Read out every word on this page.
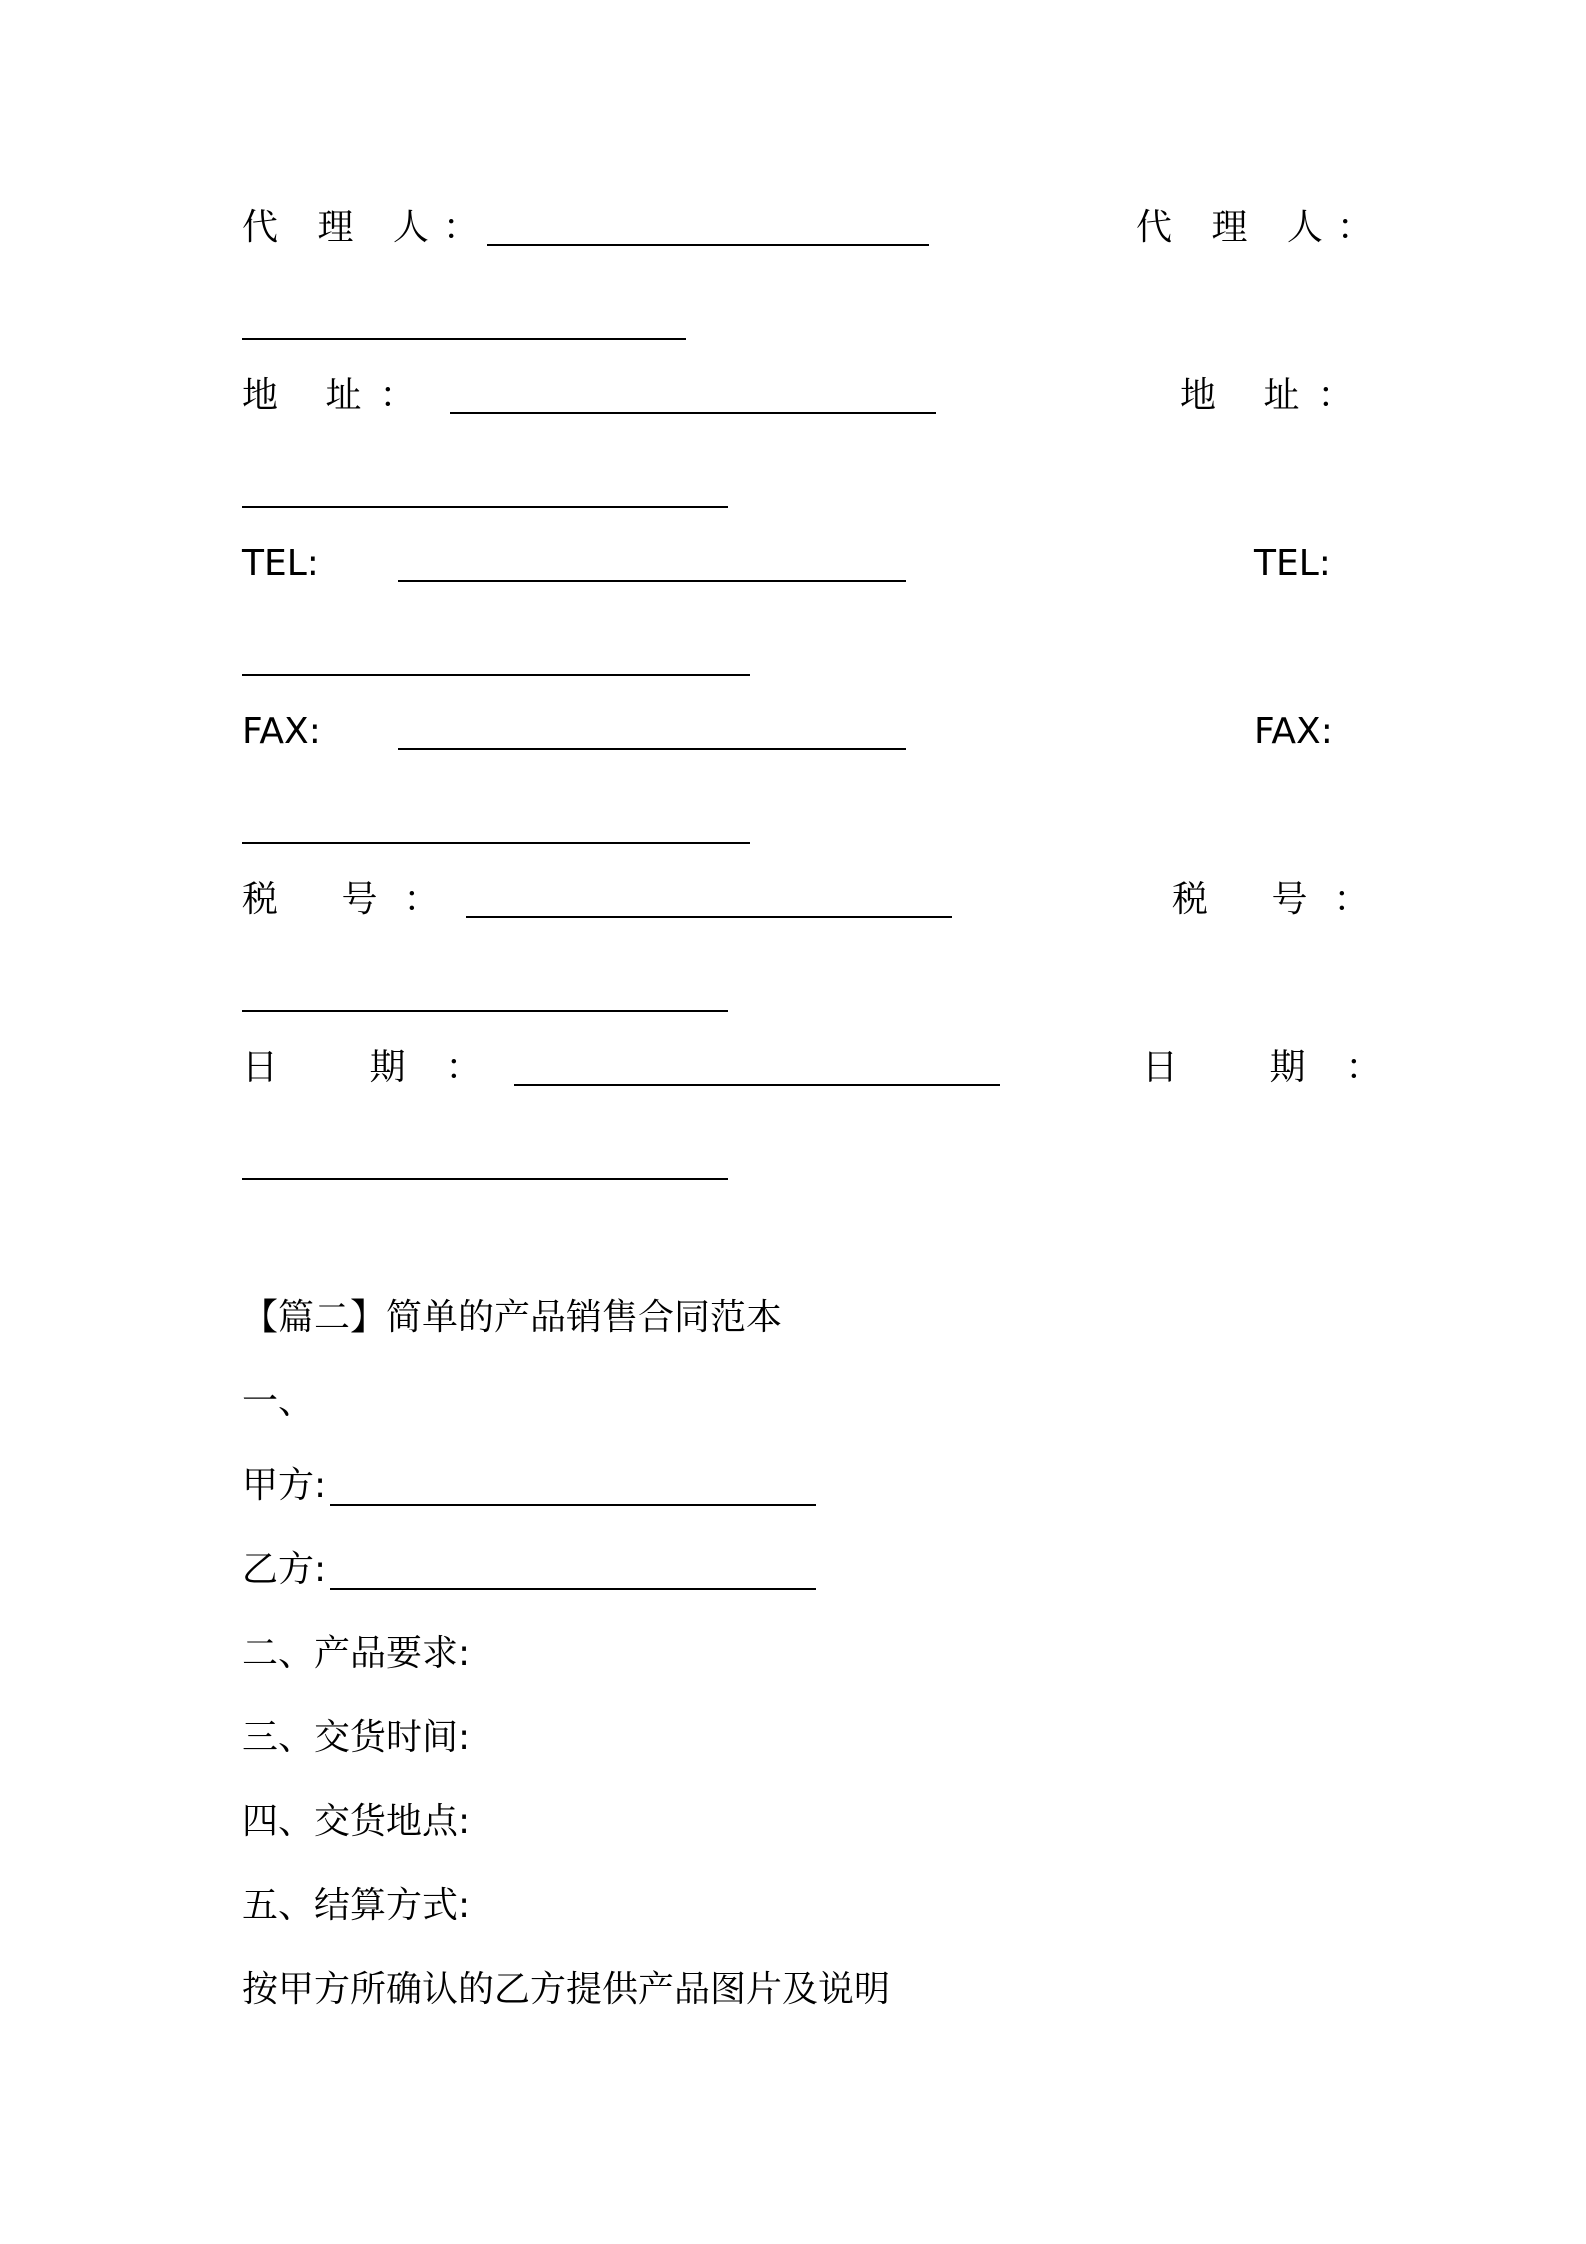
代 理 人：	代 理 人：
地 址：	地 址：
TEL:	TEL:
FAX:	FAX:
税 号：	税 号：
日 期：	日 期：
【篇二】简单的产品销售合同范本
一、
甲方:
乙方:
二、产品要求:
三、交货时间:
四、交货地点:
五、结算方式:
按甲方所确认的乙方提供产品图片及说明
